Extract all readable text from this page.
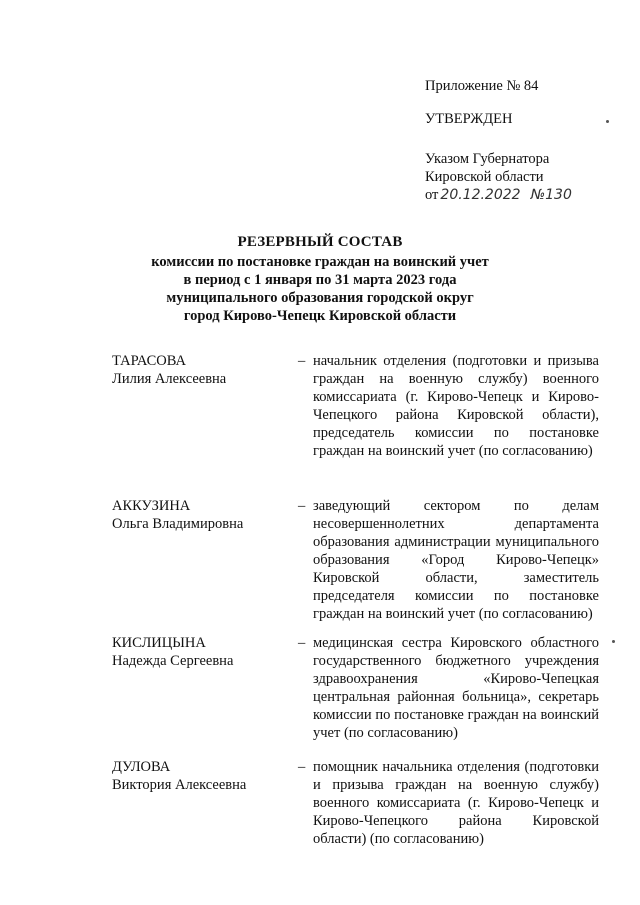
Приложение № 84
УТВЕРЖДЕН
Указом Губернатора
Кировской области
от 20.12.2022 №130
РЕЗЕРВНЫЙ СОСТАВ
комиссии по постановке граждан на воинский учет
в период с 1 января по 31 марта 2023 года
муниципального образования городской округ
город Кирово-Чепецк Кировской области
ТАРАСОВА
Лилия Алексеевна
– начальник отделения (подготовки и призыва граждан на военную службу) военного комиссариата (г. Кирово-Чепецк и Кирово-Чепецкого района Кировской области), председатель комиссии по постановке граждан на воинский учет (по согласованию)
АККУЗИНА
Ольга Владимировна
– заведующий сектором по делам несовершеннолетних департамента образования администрации муниципального образования «Город Кирово-Чепецк» Кировской области, заместитель председателя комиссии по постановке граждан на воинский учет (по согласованию)
КИСЛИЦЫНА
Надежда Сергеевна
– медицинская сестра Кировского областного государственного бюджетного учреждения здравоохранения «Кирово-Чепецкая центральная районная больница», секретарь комиссии по постановке граждан на воинский учет (по согласованию)
ДУЛОВА
Виктория Алексеевна
– помощник начальника отделения (подготовки и призыва граждан на военную службу) военного комиссариата (г. Кирово-Чепецк и Кирово-Чепецкого района Кировской области) (по согласованию)
